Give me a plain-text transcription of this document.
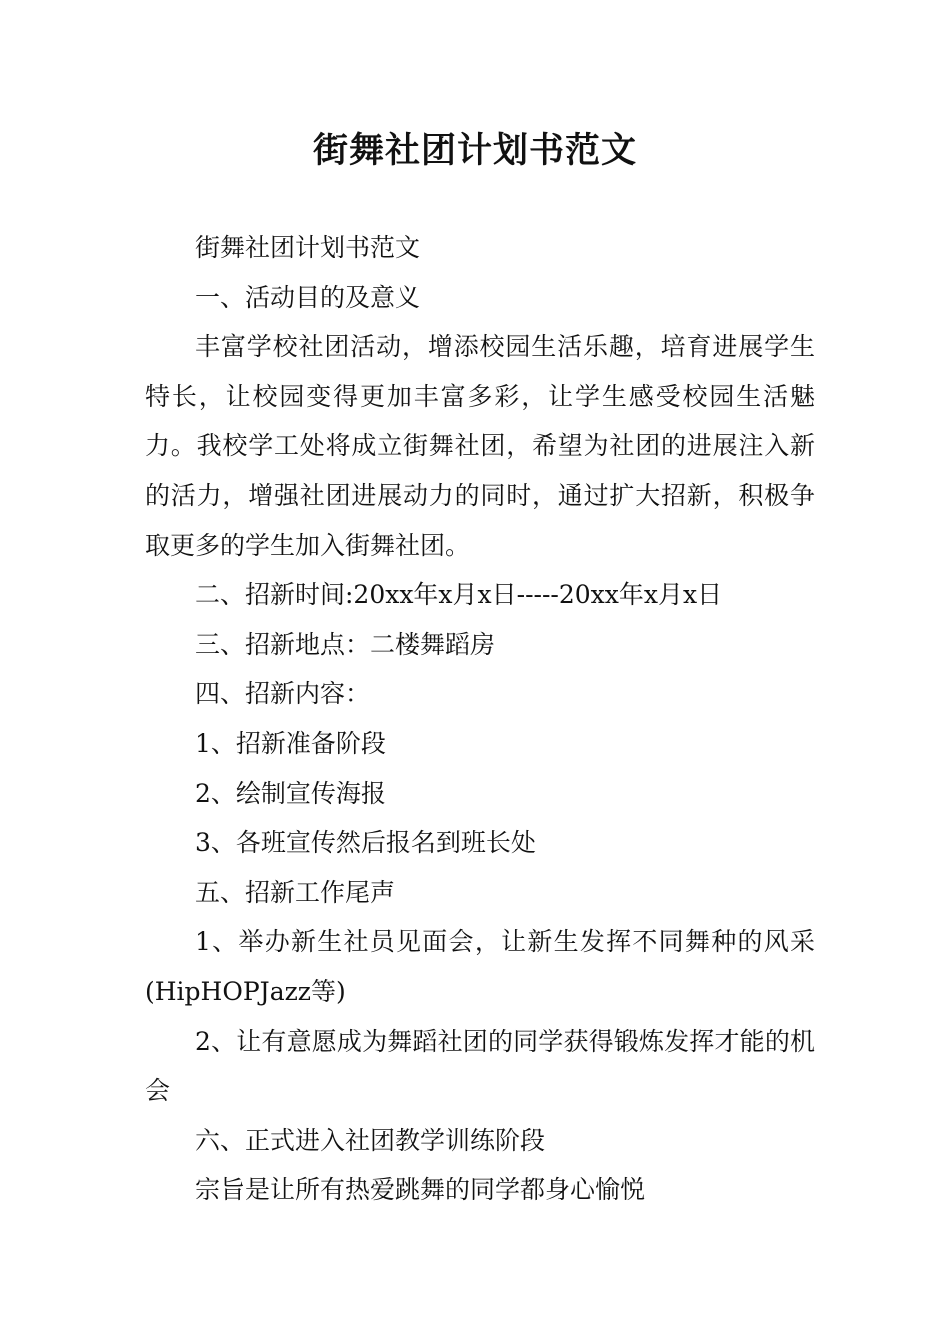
街舞社团计划书范文

街舞社团计划书范文

一、活动目的及意义

丰富学校社团活动，增添校园生活乐趣，培育进展学生特长，让校园变得更加丰富多彩，让学生感受校园生活魅力。我校学工处将成立街舞社团，希望为社团的进展注入新的活力，增强社团进展动力的同时，通过扩大招新，积极争取更多的学生加入街舞社团。

二、招新时间:20xx年x月x日-----20xx年x月x日

三、招新地点：二楼舞蹈房

四、招新内容：

1、招新准备阶段

2、绘制宣传海报

3、各班宣传然后报名到班长处

五、招新工作尾声

1、举办新生社员见面会，让新生发挥不同舞种的风采(HipHOPJazz等)

2、让有意愿成为舞蹈社团的同学获得锻炼发挥才能的机会

六、正式进入社团教学训练阶段

宗旨是让所有热爱跳舞的同学都身心愉悦
